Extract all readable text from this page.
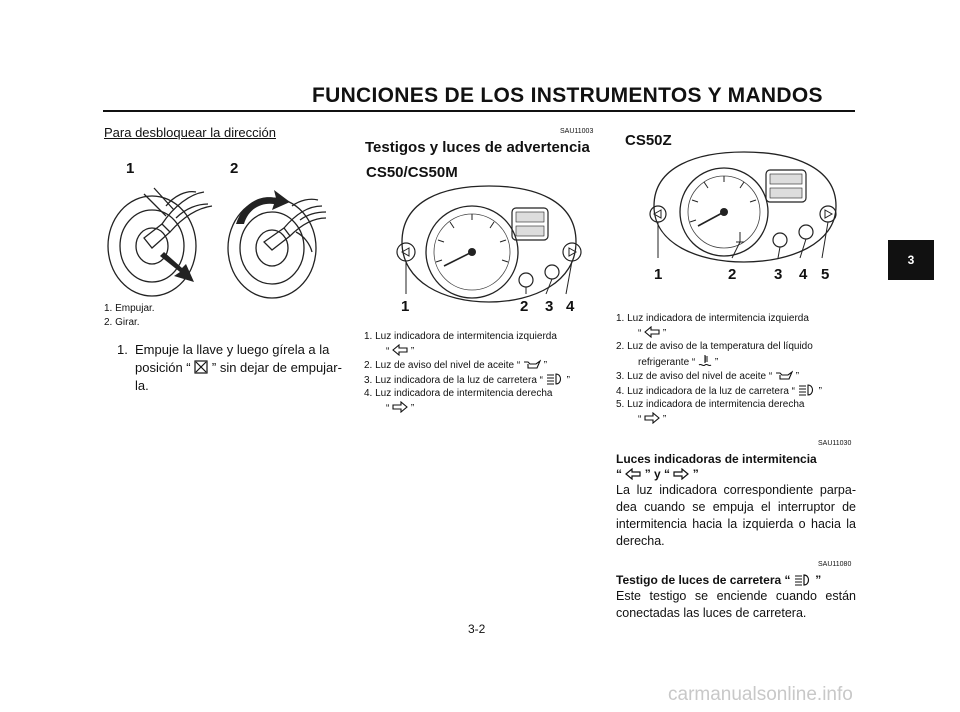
FUNCIONES DE LOS INSTRUMENTOS Y MANDOS
3
Para desbloquear la dirección
1	2
1. Empujar.
2. Girar.
1. Empuje la llave y luego gírela a la
posición “ ” sin dejar de empujar-
la.
SAU11003
Testigos y luces de advertencia
CS50/CS50M
1	2 3 4
1. Luz indicadora de intermitencia izquierda
“ ”
2. Luz de aviso del nivel de aceite “ ”
3. Luz indicadora de la luz de carretera “ ”
4. Luz indicadora de intermitencia derecha
“ ”
CS50Z
1	2	3 4 5
1. Luz indicadora de intermitencia izquierda
“ ”
2. Luz de aviso de la temperatura del líquido
refrigerante “ ”
3. Luz de aviso del nivel de aceite “ ”
4. Luz indicadora de la luz de carretera “ ”
5. Luz indicadora de intermitencia derecha
“ ”
SAU11030
Luces indicadoras de intermitencia
“ ” y “ ”
La luz indicadora correspondiente parpa-dea cuando se empuja el interruptor de intermitencia hacia la izquierda o hacia la derecha.
SAU11080
Testigo de luces de carretera “ ”
Este testigo se enciende cuando están conectadas las luces de carretera.
3-2
carmanualsonline.info
